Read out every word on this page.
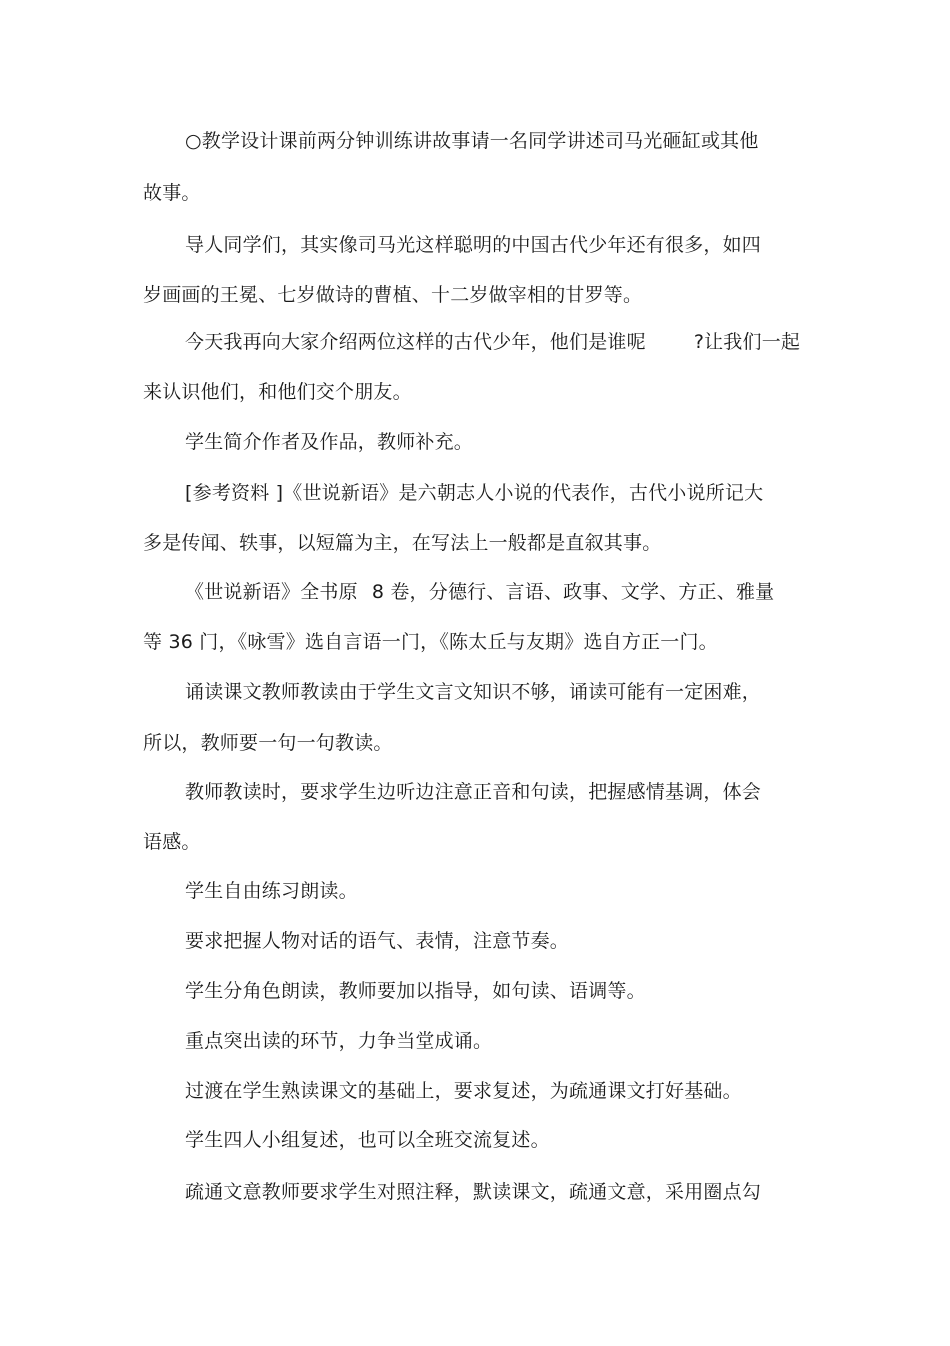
○教学设计课前两分钟训练讲故事请一名同学讲述司马光砸缸或其他
故事。
导人同学们，其实像司马光这样聪明的中国古代少年还有很多，如四
岁画画的王冕、七岁做诗的曹植、十二岁做宰相的甘罗等。
今天我再向大家介绍两位这样的古代少年，他们是谁呢	?让我们一起
来认识他们，和他们交个朋友。
学生简介作者及作品，教师补充。
[参考资料 ]《世说新语》是六朝志人小说的代表作，古代小说所记大
多是传闻、轶事，以短篇为主，在写法上一般都是直叙其事。
《世说新语》全书原 8 卷，分德行、言语、政事、文学、方正、雅量
等 36 门，《咏雪》选自言语一门，《陈太丘与友期》选自方正一门。
诵读课文教师教读由于学生文言文知识不够，诵读可能有一定困难，
所以，教师要一句一句教读。
教师教读时，要求学生边听边注意正音和句读，把握感情基调，体会
语感。
学生自由练习朗读。
要求把握人物对话的语气、表情，注意节奏。
学生分角色朗读，教师要加以指导，如句读、语调等。
重点突出读的环节，力争当堂成诵。
过渡在学生熟读课文的基础上，要求复述，为疏通课文打好基础。
学生四人小组复述，也可以全班交流复述。
疏通文意教师要求学生对照注释，默读课文，疏通文意，采用圈点勾
